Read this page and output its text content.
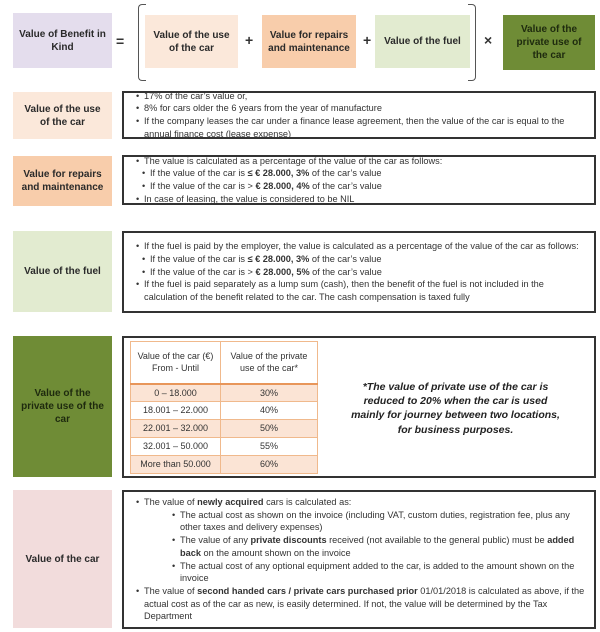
Value of Benefit in Kind	=	Value of the use of the car	+	Value for repairs and maintenance +	Value of the fuel	×
Value of the private use of the car
Value of the use of the car
• 17% of the car’s value or,
• 8% for cars older the 6 years from the year of manufacture
• If the company leases the car under a finance lease agreement, then the value of the car is equal to the annual finance cost (lease expense)
Value for repairs and maintenance
• The value is calculated as a percentage of the value of the car as follows:
• If the value of the car is ≤ € 28.000, 3% of the car’s value
• If the value of the car is > € 28.000, 4% of the car’s value
• In case of leasing, the value is considered to be NIL
Value of the fuel
• If the fuel is paid by the employer, the value is calculated as a percentage of the value of the car as follows:
• If the value of the car is ≤ € 28.000, 3% of the car’s value
• If the value of the car is > € 28.000, 5% of the car’s value
• If the fuel is paid separately as a lump sum (cash), then the benefit of the fuel is not included in the calculation of the benefit related to the car. The cash compensation is taxed fully
Value of the private use of the car
Value of the car (€) From - Until	Value of the private use of the car*
0 – 18.000	30%
18.001 – 22.000	40%
22.001 – 32.000	50%
32.001 – 50.000	55%
More than 50.000	60%
*The value of private use of the car is reduced to 20% when the car is used mainly for journey between two locations, for business purposes.
Value of the car
• The value of newly acquired cars is calculated as:
• The actual cost as shown on the invoice (including VAT, custom duties, registration fee, plus any other taxes and delivery expenses)
• The value of any private discounts received (not available to the general public) must be added back on the amount shown on the invoice
• The actual cost of any optional equipment added to the car, is added to the amount shown on the invoice
• The value of second handed cars / private cars purchased prior 01/01/2018 is calculated as above, if the actual cost as of the car as new, is easily determined. If not, the value will be determined by the Tax Department
